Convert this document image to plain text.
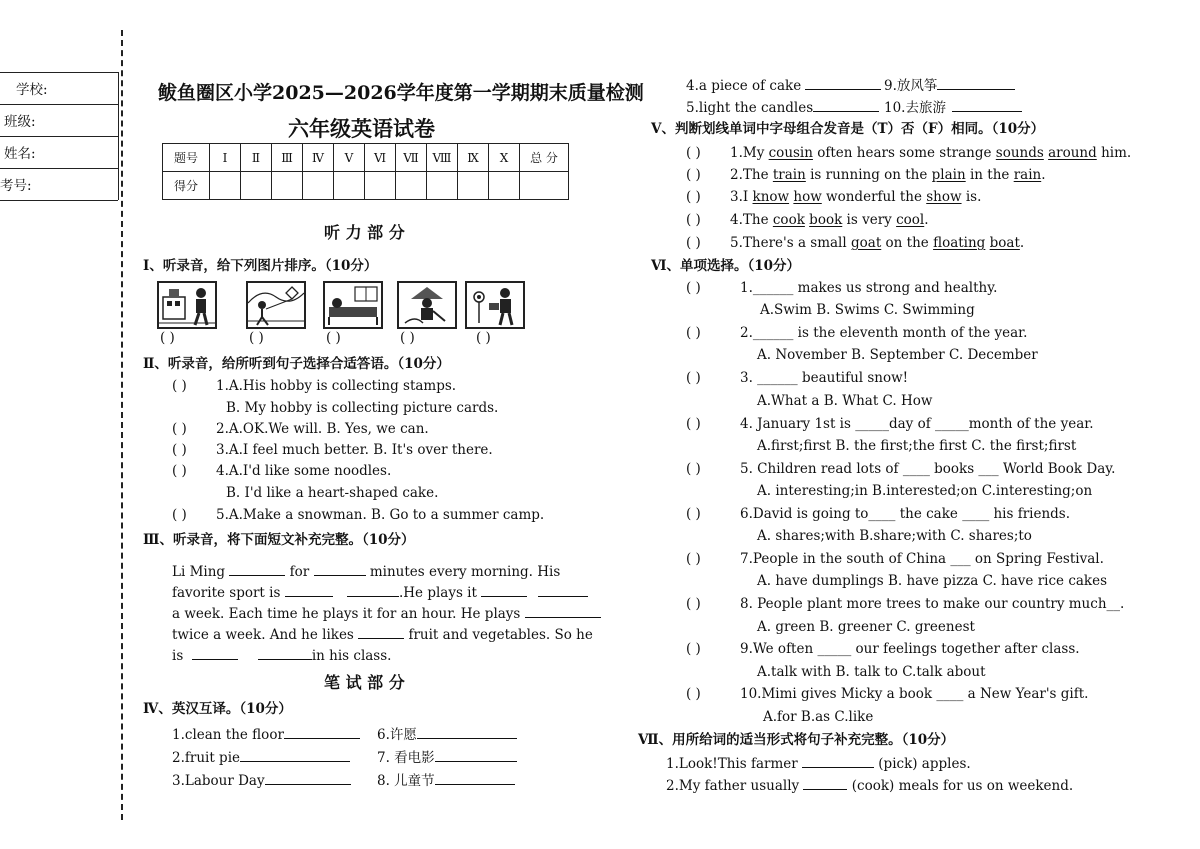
学校:
班级:
姓名:
考号:
鲅鱼圈区小学2025—2026学年度第一学期期末质量检测
六年级英语试卷
题号	Ⅰ	Ⅱ	Ⅲ	Ⅳ	Ⅴ	Ⅵ	Ⅶ	Ⅷ	Ⅸ	Ⅹ	总 分
得分											
听 力 部 分
Ⅰ、听录音，给下列图片排序。（10分）
( )	( )	( )	( )	( )
Ⅱ、听录音，给所听到句子选择合适答语。（10分）
( ) 1.A.His hobby is collecting stamps.
B. My hobby is collecting picture cards.
( ) 2.A.OK.We will. B. Yes, we can.
( ) 3.A.I feel much better. B. It's over there.
( ) 4.A.I'd like some noodles.
B. I'd like a heart-shaped cake.
( ) 5.A.Make a snowman. B. Go to a summer camp.
Ⅲ、听录音，将下面短文补充完整。（10分）
Li Ming	for	minutes every morning. His
favorite sport is	.He plays it
a week. Each time he plays it for an hour. He plays
twice a week. And he likes	fruit and vegetables. So he
is	in his class.
笔 试 部 分
Ⅳ、英汉互译。（10分）
1.clean the floor	6.许愿
2.fruit pie	7. 看电影
3.Labour Day	8. 儿童节
4.a piece of cake	9.放风筝
5.light the candles	10.去旅游
Ⅴ、判断划线单词中字母组合发音是（T）否（F）相同。（10分）
( ) 1.My cousin often hears some strange sounds around him.
( ) 2.The train is running on the plain in the rain.
( ) 3.I know how wonderful the show is.
( ) 4.The cook book is very cool.
( ) 5.There's a small goat on the floating boat.
Ⅵ、单项选择。（10分）
( )	1.______ makes us strong and healthy.
A.Swim B. Swims C. Swimming
( )	2.______ is the eleventh month of the year.
A. November B. September C. December
( )	3. ______ beautiful snow!
A.What a B. What C. How
( )	4. January 1st is _____day of _____month of the year.
A.first;first B. the first;the first C. the first;first
( )	5. Children read lots of ____ books ___ World Book Day.
A. interesting;in B.interested;on C.interesting;on
( )	6.David is going to____ the cake ____ his friends.
A. shares;with B.share;with C. shares;to
( )	7.People in the south of China ___ on Spring Festival.
A. have dumplings B. have pizza C. have rice cakes
( )	8. People plant more trees to make our country much__.
A. green B. greener C. greenest
( )	9.We often _____ our feelings together after class.
A.talk with B. talk to C.talk about
( )	10.Mimi gives Micky a book ____ a New Year's gift.
A.for B.as C.like
Ⅶ、用所给词的适当形式将句子补充完整。（10分）
1.Look!This farmer	(pick) apples.
2.My father usually	(cook) meals for us on weekend.
